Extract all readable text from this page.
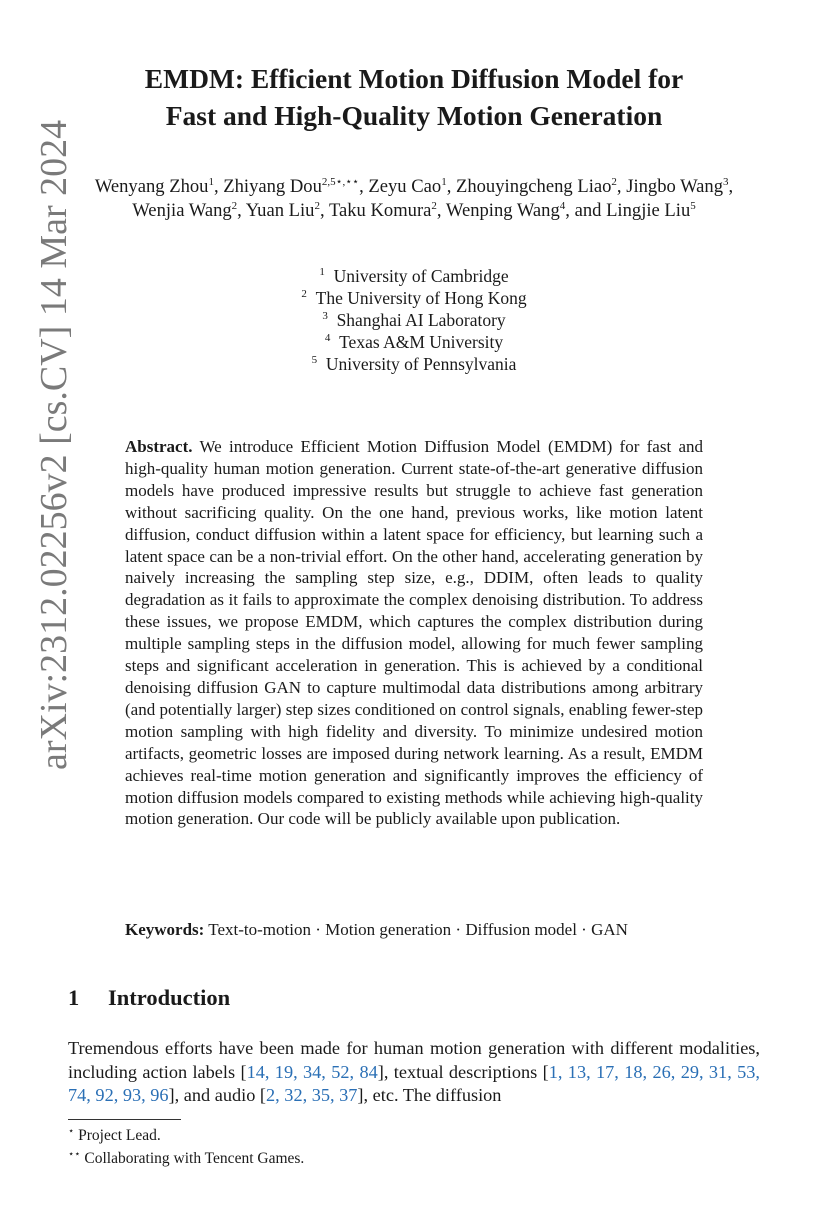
arXiv:2312.02256v2 [cs.CV] 14 Mar 2024
EMDM: Efficient Motion Diffusion Model for
Fast and High-Quality Motion Generation
Wenyang Zhou$^1$, Zhiyang Dou$^{2,5⋆,⋆⋆}$, Zeyu Cao$^1$, Zhouyingcheng Liao$^2$, Jingbo Wang$^3$, Wenjia Wang$^2$, Yuan Liu$^2$, Taku Komura$^2$, Wenping Wang$^4$, and Lingjie Liu$^5$
$^1$  University of Cambridge
$^2$  The University of Hong Kong
$^3$  Shanghai AI Laboratory
$^4$  Texas A&M University
$^5$  University of Pennsylvania
Abstract. We introduce Efficient Motion Diffusion Model (EMDM) for fast and high-quality human motion generation. Current state-of-the-art generative diffusion models have produced impressive results but struggle to achieve fast generation without sacrificing quality. On the one hand, previous works, like motion latent diffusion, conduct diffusion within a latent space for efficiency, but learning such a latent space can be a non-trivial effort. On the other hand, accelerating generation by naively increasing the sampling step size, e.g., DDIM, often leads to quality degradation as it fails to approximate the complex denoising distribution. To address these issues, we propose EMDM, which captures the complex distribution during multiple sampling steps in the diffusion model, allowing for much fewer sampling steps and significant acceleration in generation. This is achieved by a conditional denoising diffusion GAN to capture multimodal data distributions among arbitrary (and potentially larger) step sizes conditioned on control signals, enabling fewer-step motion sampling with high fidelity and diversity. To minimize undesired motion artifacts, geometric losses are imposed during network learning. As a result, EMDM achieves real-time motion generation and significantly improves the efficiency of motion diffusion models compared to existing methods while achieving high-quality motion generation. Our code will be publicly available upon publication.
Keywords: Text-to-motion · Motion generation · Diffusion model · GAN
1 Introduction
Tremendous efforts have been made for human motion generation with different modalities, including action labels [14, 19, 34, 52, 84], textual descriptions [1, 13, 17, 18, 26, 29, 31, 53, 74, 92, 93, 96], and audio [2, 32, 35, 37], etc. The diffusion
⋆ Project Lead.
⋆⋆ Collaborating with Tencent Games.
